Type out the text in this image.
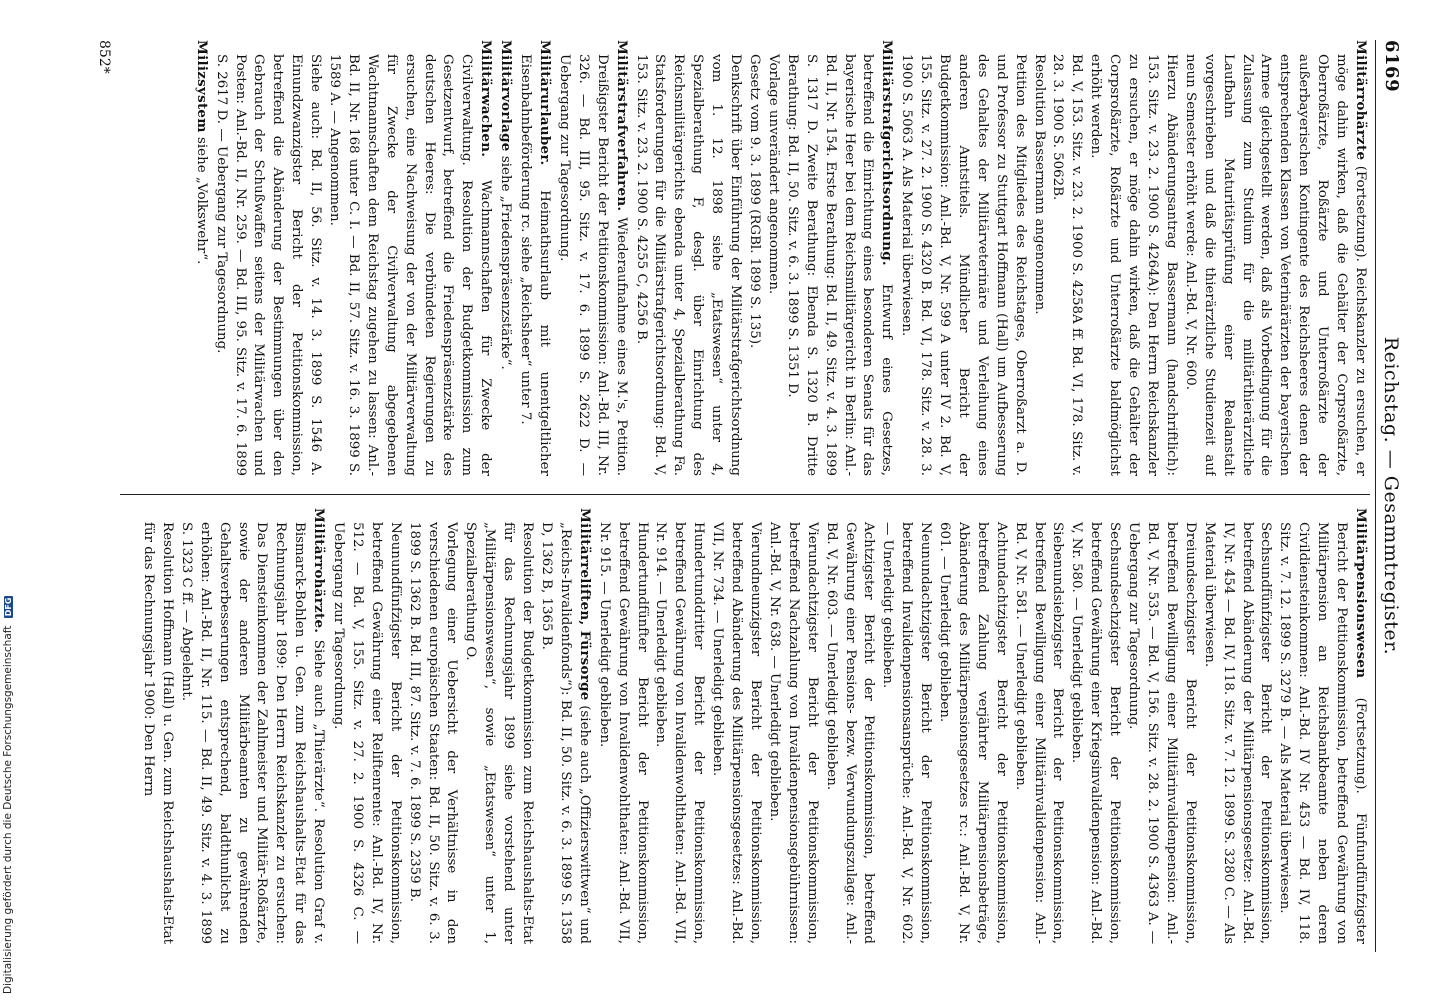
Reichstag. — Gesammtregister.
6169

Militärrohärzte (Fortsetzung). Reichskanzler zu ersuchen, er möge dahin wirken, daß die Gehälter der Corpsroßärzte, Oberroßärzte, Roßärzte und Unterroßärzte der außerbayerischen Kontingente des Reichsheeres denen der entsprechenden Klassen von Veterinärärzten der bayerischen Armee gleichgestellt werden, daß als Vorbedingung für die Zulassung zum Studium für die militärthierärztliche Laufbahn Maturitätsprüfung einer Realanstalt vorgeschrieben und daß die thierärztliche Studienzeit auf neun Semester erhöht werde: Anl.-Bd. V, Nr. 600.

Hierzu Abänderungsantrag Bassermann (handschriftlich): 153. Sitz. v. 23. 2. 1900 S. 4264A): Den Herrn Reichskanzler zu ersuchen, er möge dahin wirken, daß die Gehälter der Corpsroßärzte, Roßärzte und Unterroßärzte baldmöglichst erhöht werden.

Bd. V, 153. Sitz. v. 23. 2. 1900 S. 4258A ff. Bd. VI, 178. Sitz. v. 28. 3. 1900 S. 5062B.

Resolution Bassermann angenommen.

Petition des Mitgliedes des Reichstages, Oberroßarzt a. D. und Professor zu Stuttgart Hoffmann (Hall) um Aufbesserung des Gehaltes der Militärveterinäre und Verleihung eines anderen Amtstitels. Mündlicher Bericht der Budgetkommission: Anl.-Bd. V, Nr. 599 A unter IV 2. Bd. V, 155. Sitz. v. 27. 2. 1900 S. 4320 B. Bd. VI, 178. Sitz. v. 28. 3. 1900 S. 5063 A. Als Material überwiesen.

Militärstrafgerichtsordnung. Entwurf eines Gesetzes, betreffend die Einrichtung eines besonderen Senats für das bayerische Heer bei dem Reichsmilitärgericht in Berlin: Anl.-Bd. II, Nr. 154. Erste Berathung: Bd. II, 49. Sitz. v. 4. 3. 1899 S. 1317 D. Zweite Berathung: Ebenda S. 1320 B. Dritte Berathung: Bd. II, 50. Sitz. v. 6. 3. 1899 S. 1351 D.

Vorlage unverändert angenommen.

Gesetz vom 9. 3. 1899 (RGBl. 1899 S. 135).

Denkschrift über Einführung der Militärstrafgerichtsordnung vom 1. 12. 1898 siehe „Etatswesen“ unter 4, Spezialberathung F, desgl. über Einrichtung des Reichsmilitärgerichts ebenda unter 4, Spezialberathung Fa. Statsforderungen für die Militärstrafgerichtsordnung: Bd. V, 153. Sitz. v. 23. 2. 1900 S. 4255 C, 4256 B.

Militärstrafverfahren. Wiederaufnahme eines M.'s, Petition. Dreißigster Bericht der Petitionskommission: Anl.-Bd. III, Nr. 326. — Bd. III, 95. Sitz. v. 17. 6. 1899 S. 2622 D. — Uebergang zur Tagesordnung.

Militärurlauber. Heimathsurlaub mit unentgeltlicher Eisenbahnbeförderung rc. siehe „Reichsheer“ unter 7.

Militärvorlage siehe „Friedenspräsenzstärke“.

Militärwachen. Wachmannschaften für Zwecke der Civilverwaltung. Resolution der Budgetkommission zum Gesetzentwurf, betreffend die Friedenspräsenzstärke des deutschen Heeres: Die verbündeten Regierungen zu ersuchen, eine Nachweisung der von der Militärverwaltung für Zwecke der Civilverwaltung abgegebenen Wachtmannschaften dem Reichstag zugehen zu lassen: Anl.-Bd. II, Nr. 168 unter C. I. — Bd. II, 57. Sitz. v. 16. 3. 1899 S. 1589 A. — Angenommen.

Siehe auch: Bd. II, 56. Sitz. v. 14. 3. 1899 S. 1546 A. Einundzwanzigster Bericht der Petitionskommission, betreffend die Abänderung der Bestimmungen über den Gebrauch der Schußwaffen seitens der Militärwachen und Posten: Anl.-Bd. II, Nr. 259. — Bd. III, 95. Sitz. v. 17. 6. 1899 S. 2617 D. — Uebergang zur Tagesordnung.

Milizsystem siehe „Volkswehr“.

Militärpensionswesen (Fortsetzung). Fünfundfünfzigster Bericht der Petitionskommission, betreffend Gewährung von Militärpension an Reichsbankbeamte neben deren Civildiensteinkommen: Anl.-Bd. IV Nr. 453 — Bd. IV, 118. Sitz. v. 7. 12. 1899 S. 3279 B. — Als Material überwiesen.

Sechsundfünfzigster Bericht der Petitionskommission, betreffend Abänderung der Militärpensionsgesetze: Anl.-Bd. IV, Nr. 454 — Bd. IV, 118. Sitz. v. 7. 12. 1899 S. 3280 C. — Als Material überwiesen.

Dreiundsechzigster Bericht der Petitionskommission, betreffend Bewilligung einer Militärinvalidenpension: Anl.-Bd. V, Nr. 535. — Bd. V, 156. Sitz. v. 28. 2. 1900 S. 4363 A. — Uebergang zur Tagesordnung.

Sechsundsechzigster Bericht der Petitionskommission, betreffend Gewährung einer Kriegsinvalidenpension: Anl.-Bd. V, Nr. 580. — Unerledigt geblieben.

Siebenundsiebzigster Bericht der Petitionskommission, betreffend Bewilligung einer Militärinvalidenpension: Anl.-Bd. V, Nr. 581. — Unerledigt geblieben.

Achtundachtzigster Bericht der Petitionskommission, betreffend Zahlung verjährter Militärpensionsbeträge, Abänderung des Militärpensionsgesetzes rc.: Anl.-Bd. V, Nr. 601. — Unerledigt geblieben.

Neunundachtzigster Bericht der Petitionskommission, betreffend Invalidenpensionsansprüche: Anl.-Bd. V, Nr. 602. — Unerledigt geblieben.

Achtzigster Bericht der Petitionskommission, betreffend Gewährung einer Pensions- bezw. Verwundungszulage: Anl.-Bd. V, Nr. 603. — Unerledigt geblieben.

Vierundachtzigster Bericht der Petitionskommission, betreffend Nachzahlung von Invalidenpensionsgebührnissen: Anl.-Bd. V, Nr. 638. — Unerledigt geblieben.

Vierundneunzigster Bericht der Petitionskommission, betreffend Abänderung des Militärpensionsgesetzes: Anl.-Bd. VII, Nr. 734. — Unerledigt geblieben.

Hundertunddritter Bericht der Petitionskommission, betreffend Gewährung von Invalidenwohlthaten: Anl.-Bd. VII, Nr. 914. — Unerledigt geblieben.

Hundertundfünfter Bericht der Petitionskommission, betreffend Gewährung von Invalidenwohlthaten: Anl.-Bd. VII, Nr. 915. — Unerledigt geblieben.

Militärreliften, Fürsorge (siehe auch „Offizierswittwen“ und „Reichs-Invalidenfonds“): Bd. II, 50. Sitz. v. 6. 3. 1899 S. 1358 D, 1362 B, 1365 B.

Resolution der Budgetkommission zum Reichshaushalts-Etat für das Rechnungsjahr 1899 siehe vorstehend unter „Militärpensionswesen“, sowie „Etatswesen“ unter 1, Spezialberathung O.

Vorlegung einer Uebersicht der Verhältnisse in den verschiedenen europäischen Staaten: Bd. II, 50. Sitz. v. 6. 3. 1899 S. 1362 B. Bd. III, 87. Sitz. v. 7. 6. 1899 S. 2359 B.

Neunundfünfzigster Bericht der Petitionskommission, betreffend Gewährung einer Reliftenrente: Anl.-Bd. IV, Nr. 512. — Bd. V, 155. Sitz. v. 27. 2. 1900 S. 4326 C. — Uebergang zur Tagesordnung.

Militärrohärzte. Siehe auch „Thierärzte“. Resolution Graf v. Bismarck-Bohlen u. Gen. zum Reichshaushalts-Etat für das Rechnungsjahr 1899: Den Herrn Reichskanzler zu ersuchen: Das Diensteinkommen der Zahlmeister und Militär-Roßärzte, sowie der anderen Militärbeamten zu gewährenden Gehaltsverbesserungen entsprechend, baldthunlichst zu erhöhen: Anl.-Bd. II, Nr. 115. — Bd. II, 49. Sitz. v. 4. 3. 1899 S. 1323 C ff. — Abgelehnt.

Resolution Hoffmann (Hall) u. Gen. zum Reichshaushalts-Etat für das Rechnungsjahr 1900: Den Herrn

852*
Digitalisierung gefördert durch die Deutsche Forschungsgemeinschaft DFG
